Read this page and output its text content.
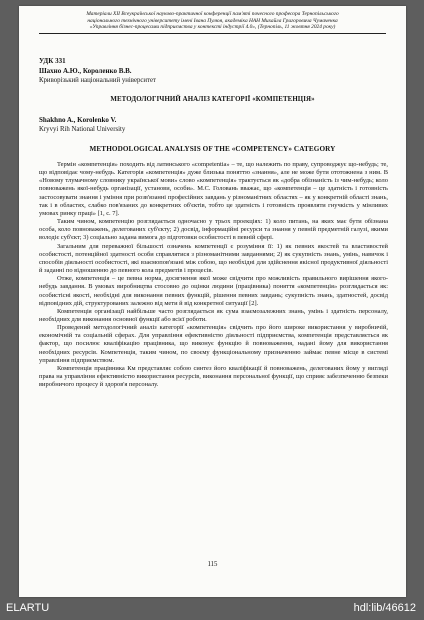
Матеріали XII Всеукраїнської науково-практичної конференції пам'яті почесного професора Тернопільського
національного технічного університету імені Івана Пулюя, академіка НАН Михайла Григоровича Чумаченка
«Управління бізнес-процесами підприємства у контексті індустрії 4.0», (Тернопіль, 11 жовтня 2024 року)
УДК 331
Шахно А.Ю., Короленко В.В.
Криворізький національний університет
МЕТОДОЛОГІЧНИЙ АНАЛІЗ КАТЕГОРІЇ «КОМПЕТЕНЦІЯ»
Shakhno A., Korolenko V.
Kryvyi Rih National University
METHODOLOGICAL ANALYSIS OF THE «COMPETENCY» CATEGORY

Термін «компетенція» походить від латинського «competentia» – те, що належить по праву, супроводжує що-небудь; те, що відповідає чому-небудь. Категорія «компетенція» дуже близька поняттю «знання», але не може бути ототожнена з ним. В «Новому тлумачному словнику української мови» слово «компетенція» трактується як «добра обізнаність із чим-небудь; коло повноважень якої-небудь організації, установи, особи». М.С. Головань вважає, що «компетенція – це здатність і готовність застосовувати знання і уміння при розв'язанні професійних завдань у різноманітних областях – як у конкретній області знань, так і в областях, слабко пов'язаних до конкретних об'єктів, тобто це здатність і готовність проявляти гнучкість у мінливих умовах ринку праці» [1, с. 7].

Таким чином, компетенцію розглядається одночасно у трьох проекціях: 1) коло питань, на яких має бути обізнана особа, коло повноважень, делегованих суб'єкту; 2) досвід, інформаційні ресурси та знання у певній предметній галузі, якими володіє суб'єкт; 3) соціально задана вимога до підготовки особистості в певній сфері.

Загальним для переважної більшості означень компетенції є розуміння її: 1) як певних якостей та властивостей особистості, потенційної здатності особи справлятися з різноманітними завданнями; 2) як сукупність знань, умінь, навичок і способів діяльності особистості, які взаємопов'язані між собою, що необхідні для здійснення якісної продуктивної діяльності й заданні по відношенню до певного кола предметів і процесів.

Отже, компетенція – це певна норма, досягнення якої може свідчити про можливість правильного вирішення якого-небудь завдання. В умовах виробництва стосовно до оцінки людини (працівника) поняття «компетенція» розглядається як: особистісні якості, необхідні для виконання певних функцій, рішення певних завдань; сукупність знань, здатностей, досвід відповідних дій, структурованих залежно від мети й від конкретної ситуації [2].

Компетенція організації найбільше часто розглядається як сума взаємозалежних знань, умінь і здатність персоналу, необхідних для виконання основної функції або всієї роботи.

Проведений методологічний аналіз категорії «компетенція» свідчить про його широке використання у виробничій, економічній та соціальній сферах. Для управління ефективністю діяльності підприємства, компетенція представляється як фактор, що посилює кваліфікацію працівника, що виконує функцію й повноваження, надані йому для використання необхідних ресурсів. Компетенція, таким чином, по своєму функціональному призначенню займає певне місце в системі управління підприємством.

Компетенція працівника Км представляє собою синтез його кваліфікації й повноважень, делегованих йому у вигляді права на управління ефективністю використання ресурсів, виконання персональної функції, що сприяє забезпеченню безпеки виробничого процесу й здоров'я персоналу.

115
ELARTU	hdl:lib/46612
